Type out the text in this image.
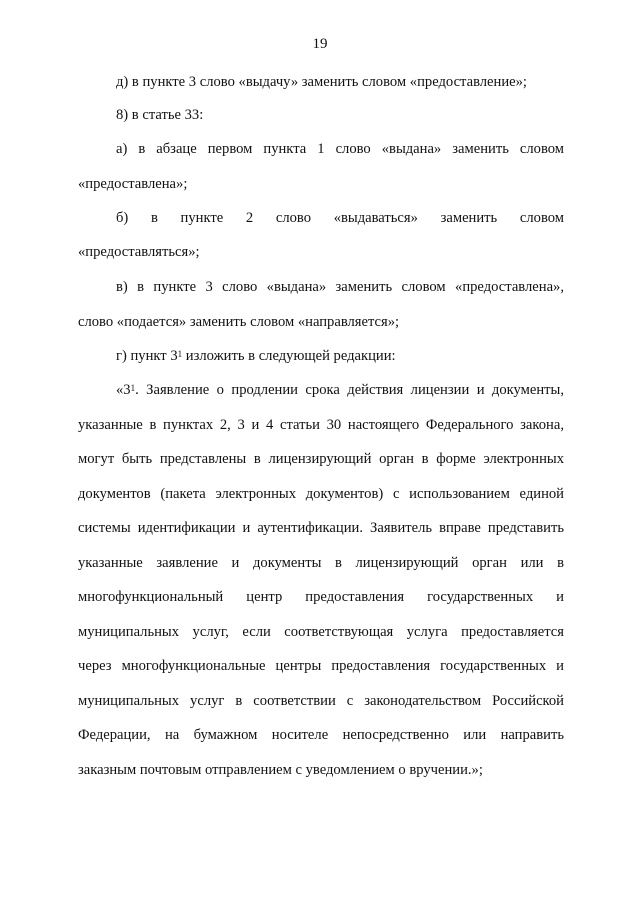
19
д) в пункте 3 слово «выдачу» заменить словом «предоставление»;
8) в статье 33:
а) в абзаце первом пункта 1 слово «выдана» заменить словом
«предоставлена»;
б) в пункте 2 слово «выдаваться» заменить словом
«предоставляться»;
в) в пункте 3 слово «выдана» заменить словом «предоставлена»,
слово «подается» заменить словом «направляется»;
г) пункт $3^1$ изложить в следующей редакции:
«$3^1$. Заявление о продлении срока действия лицензии и документы,
указанные в пунктах 2, 3 и 4 статьи 30 настоящего Федерального закона,
могут быть представлены в лицензирующий орган в форме электронных
документов (пакета электронных документов) с использованием единой
системы идентификации и аутентификации. Заявитель вправе представить
указанные заявление и документы в лицензирующий орган или в
многофункциональный центр предоставления государственных и
муниципальных услуг, если соответствующая услуга предоставляется
через многофункциональные центры предоставления государственных и
муниципальных услуг в соответствии с законодательством Российской
Федерации, на бумажном носителе непосредственно или направить
заказным почтовым отправлением с уведомлением о вручении.»;
